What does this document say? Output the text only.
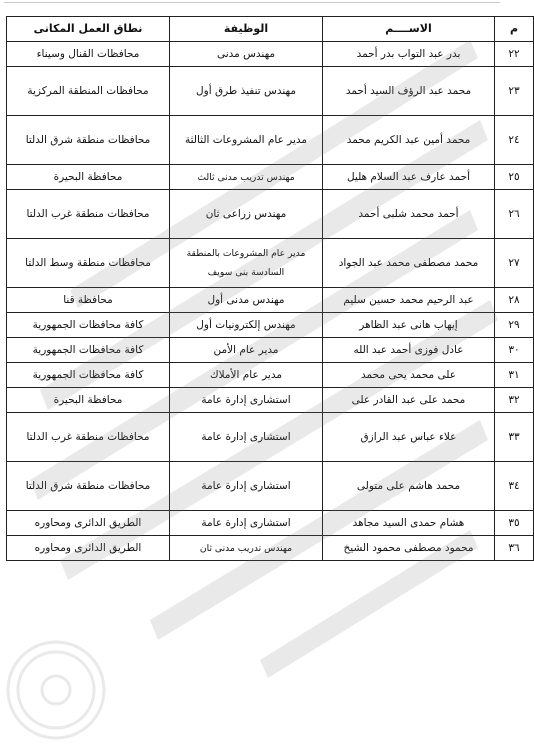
م	الاســــم	الوظيفة	نطاق العمل المكانى
٢٢	بدر عبد التواب بدر أحمد	مهندس مدنى	محافظات القنال وسيناء
٢٣	محمد عبد الرؤف السيد أحمد	مهندس تنفيذ طرق أول	محافظات المنطقة المركزية
٢٤	محمد أمين عبد الكريم محمد	مدير عام المشروعات الثالثة	محافظات منطقة شرق الدلتا
٢٥	أحمد عارف عبد السلام هليل	مهندس تدريب مدنى ثالث	محافظة البحيرة
٢٦	أحمد محمد شلبى أحمد	مهندس زراعى ثان	محافظات منطقة غرب الدلتا
٢٧	محمد مصطفى محمد عبد الجواد	مدير عام المشروعات بالمنطقة السادسة بنى سويف	محافظات منطقة وسط الدلتا
٢٨	عبد الرحيم محمد حسين سليم	مهندس مدنى أول	محافظة قنا
٢٩	إيهاب هانى عبد الظاهر	مهندس إلكترونيات أول	كافة محافظات الجمهورية
٣٠	عادل فوزى أحمد عبد الله	مدير عام الأمن	كافة محافظات الجمهورية
٣١	على محمد يحى محمد	مدير عام الأملاك	كافة محافظات الجمهورية
٣٢	محمد على عبد القادر على	استشارى إدارة عامة	محافظة البحيرة
٣٣	علاء عباس عبد الرازق	استشارى إدارة عامة	محافظات منطقة غرب الدلتا
٣٤	محمد هاشم على متولى	استشارى إدارة عامة	محافظات منطقة شرق الدلتا
٣٥	هشام حمدى السيد مجاهد	استشارى إدارة عامة	الطريق الدائرى ومحاوره
٣٦	محمود مصطفى محمود الشيخ	مهندس تدريب مدنى ثان	الطريق الدائرى ومحاوره
